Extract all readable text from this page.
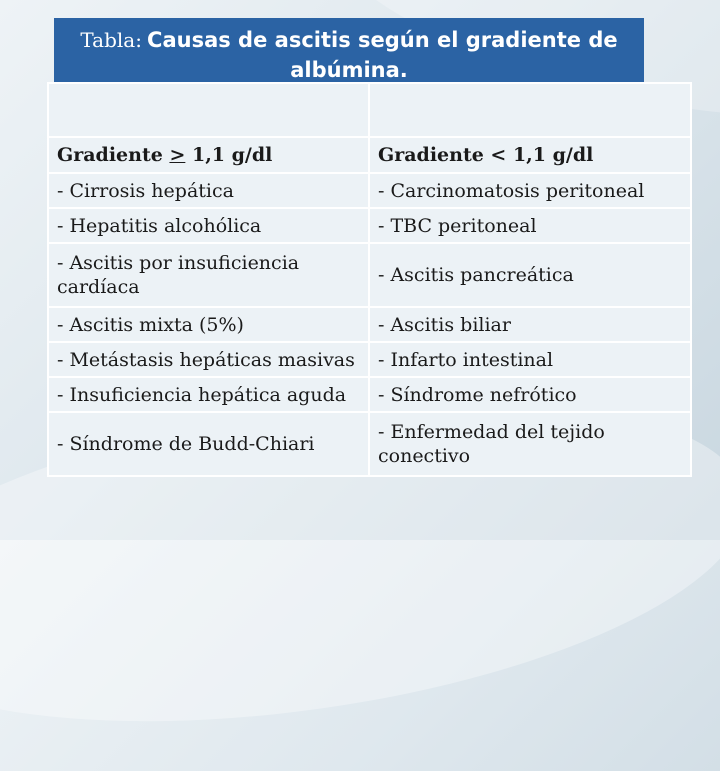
Tabla: Causas de ascitis según el gradiente de albúmina.

Gradiente > 1,1 g/dl	Gradiente < 1,1 g/dl
- Cirrosis hepática	- Carcinomatosis peritoneal
- Hepatitis alcohólica	- TBC peritoneal
- Ascitis por insuficiencia cardíaca	- Ascitis pancreática
- Ascitis mixta (5%)	- Ascitis biliar
- Metástasis hepáticas masivas	- Infarto intestinal
- Insuficiencia hepática aguda	- Síndrome nefrótico
- Síndrome de Budd-Chiari	- Enfermedad del tejido conectivo
